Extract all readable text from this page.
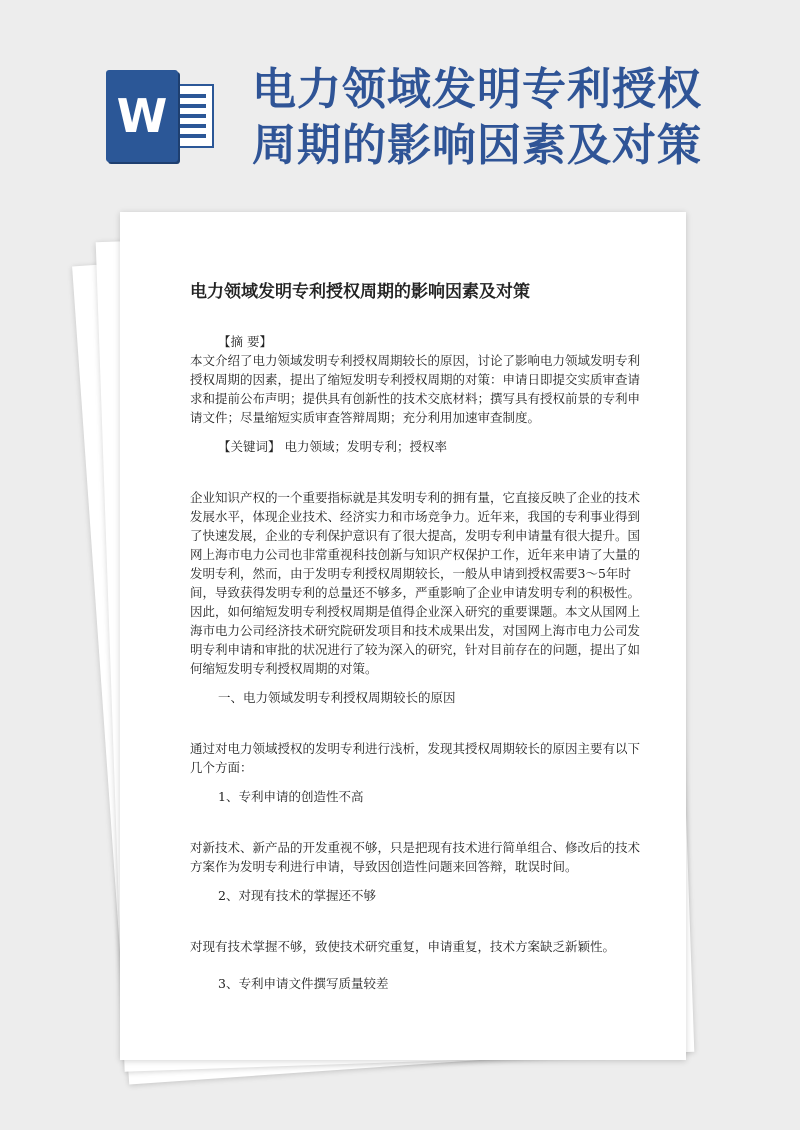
W 电力领域发明专利授权
周期的影响因素及对策

电力领域发明专利授权周期的影响因素及对策

【摘 要】

本文介绍了电力领域发明专利授权周期较长的原因，讨论了影响电力领域发明专利授权周期的因素，提出了缩短发明专利授权周期的对策：申请日即提交实质审查请求和提前公布声明；提供具有创新性的技术交底材料；撰写具有授权前景的专利申请文件；尽量缩短实质审查答辩周期；充分利用加速审查制度。

【关键词】 电力领域；发明专利；授权率

企业知识产权的一个重要指标就是其发明专利的拥有量，它直接反映了企业的技术发展水平，体现企业技术、经济实力和市场竞争力。近年来，我国的专利事业得到了快速发展，企业的专利保护意识有了很大提高，发明专利申请量有很大提升。国网上海市电力公司也非常重视科技创新与知识产权保护工作，近年来申请了大量的发明专利，然而，由于发明专利授权周期较长，一般从申请到授权需要3～5年时间，导致获得发明专利的总量还不够多，严重影响了企业申请发明专利的积极性。因此，如何缩短发明专利授权周期是值得企业深入研究的重要课题。本文从国网上海市电力公司经济技术研究院研发项目和技术成果出发，对国网上海市电力公司发明专利申请和审批的状况进行了较为深入的研究，针对目前存在的问题，提出了如何缩短发明专利授权周期的对策。

一、电力领域发明专利授权周期较长的原因

通过对电力领域授权的发明专利进行浅析，发现其授权周期较长的原因主要有以下几个方面：

1、专利申请的创造性不高

对新技术、新产品的开发重视不够，只是把现有技术进行简单组合、修改后的技术方案作为发明专利进行申请，导致因创造性问题来回答辩，耽误时间。

2、对现有技术的掌握还不够

对现有技术掌握不够，致使技术研究重复，申请重复，技术方案缺乏新颖性。

3、专利申请文件撰写质量较差
